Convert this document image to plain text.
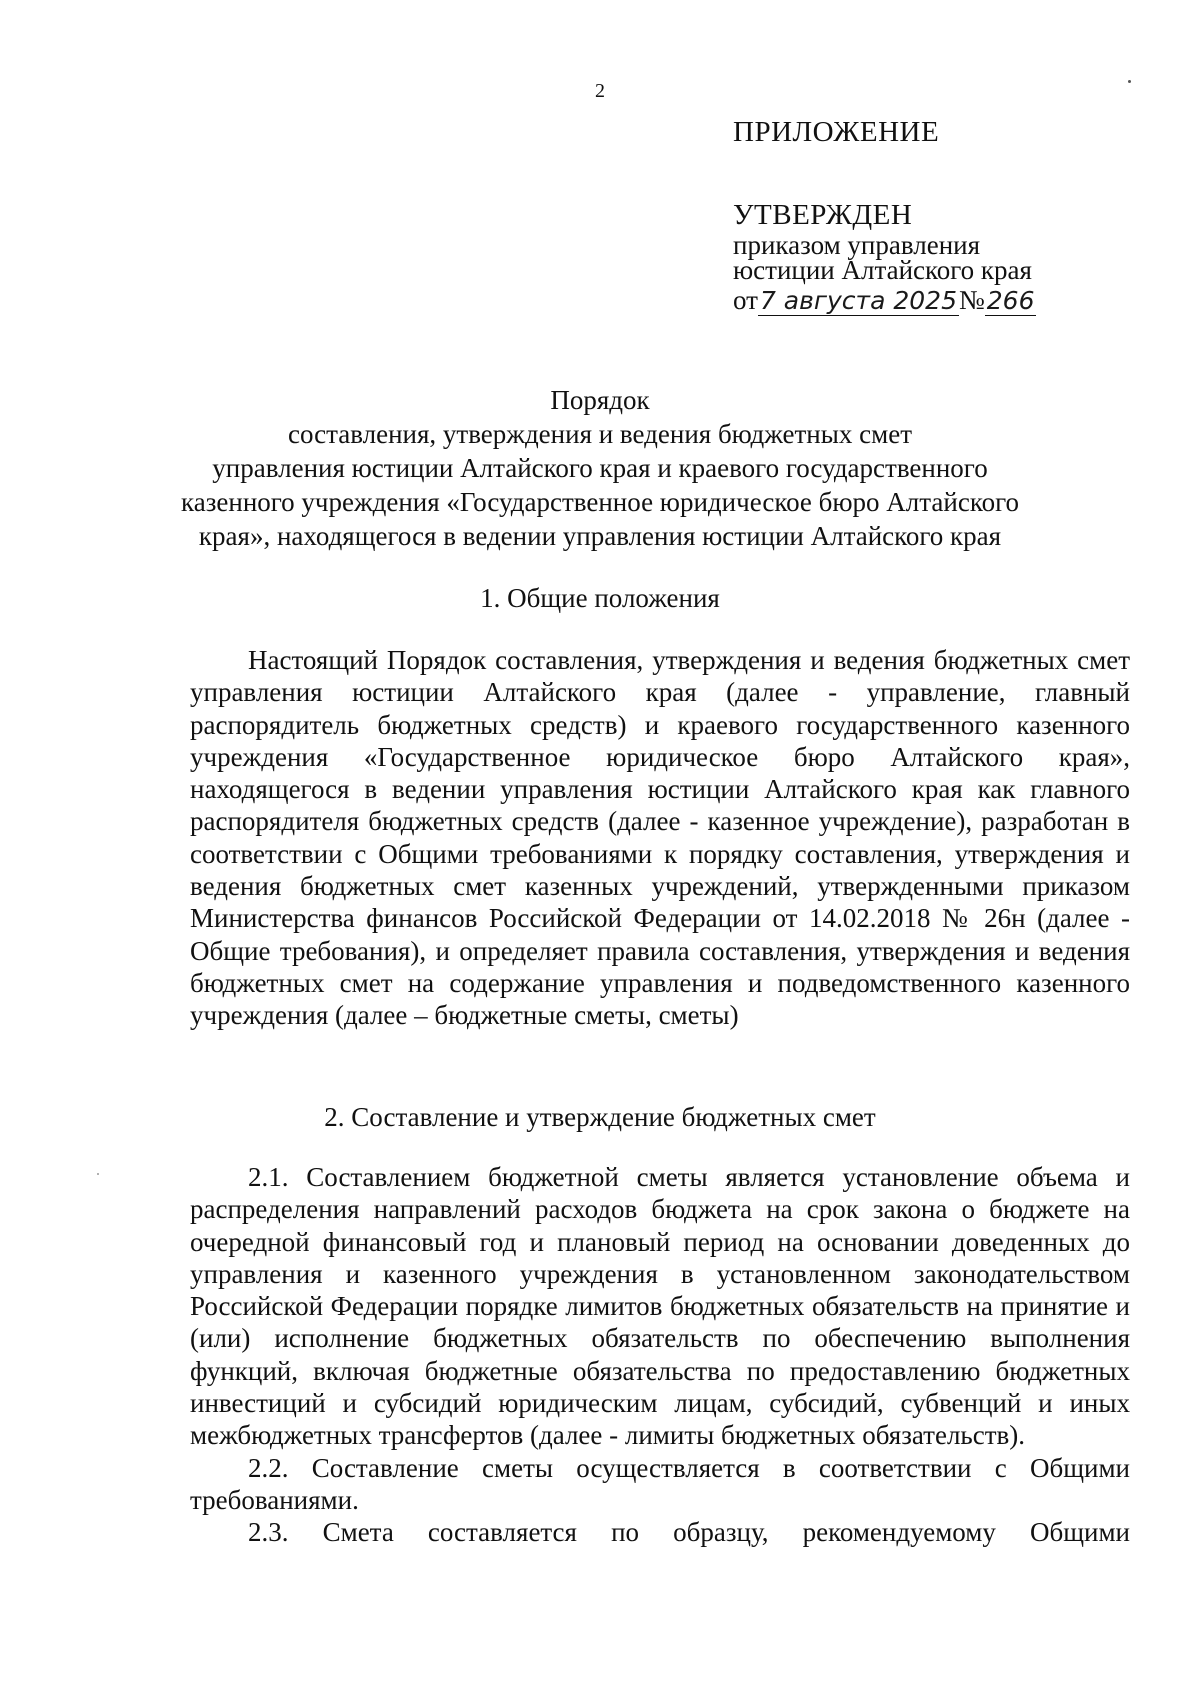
2
ПРИЛОЖЕНИЕ
УТВЕРЖДЕН
приказом управления
юстиции Алтайского края
от7 августа 2025№266
Порядок
составления, утверждения и ведения бюджетных смет
управления юстиции Алтайского края и краевого государственного
казенного учреждения «Государственное юридическое бюро Алтайского
края», находящегося в ведении управления юстиции Алтайского края
1. Общие положения

Настоящий Порядок составления, утверждения и ведения бюджетных смет управления юстиции Алтайского края (далее - управление, главный распорядитель бюджетных средств) и краевого государственного казенного учреждения «Государственное юридическое бюро Алтайского края», находящегося в ведении управления юстиции Алтайского края как главного распорядителя бюджетных средств (далее - казенное учреждение), разработан в соответствии с Общими требованиями к порядку составления, утверждения и ведения бюджетных смет казенных учреждений, утвержденными приказом Министерства финансов Российской Федерации от 14.02.2018 № 26н (далее - Общие требования), и определяет правила составления, утверждения и ведения бюджетных смет на содержание управления и подведомственного казенного учреждения (далее – бюджетные сметы, сметы)

2. Составление и утверждение бюджетных смет

2.1. Составлением бюджетной сметы является установление объема и распределения направлений расходов бюджета на срок закона о бюджете на очередной финансовый год и плановый период на основании доведенных до управления и казенного учреждения в установленном законодательством Российской Федерации порядке лимитов бюджетных обязательств на принятие и (или) исполнение бюджетных обязательств по обеспечению выполнения функций, включая бюджетные обязательства по предоставлению бюджетных инвестиций и субсидий юридическим лицам, субсидий, субвенций и иных межбюджетных трансфертов (далее - лимиты бюджетных обязательств).

2.2. Составление сметы осуществляется в соответствии с Общими требованиями.

2.3. Смета составляется по образцу, рекомендуемому Общими
